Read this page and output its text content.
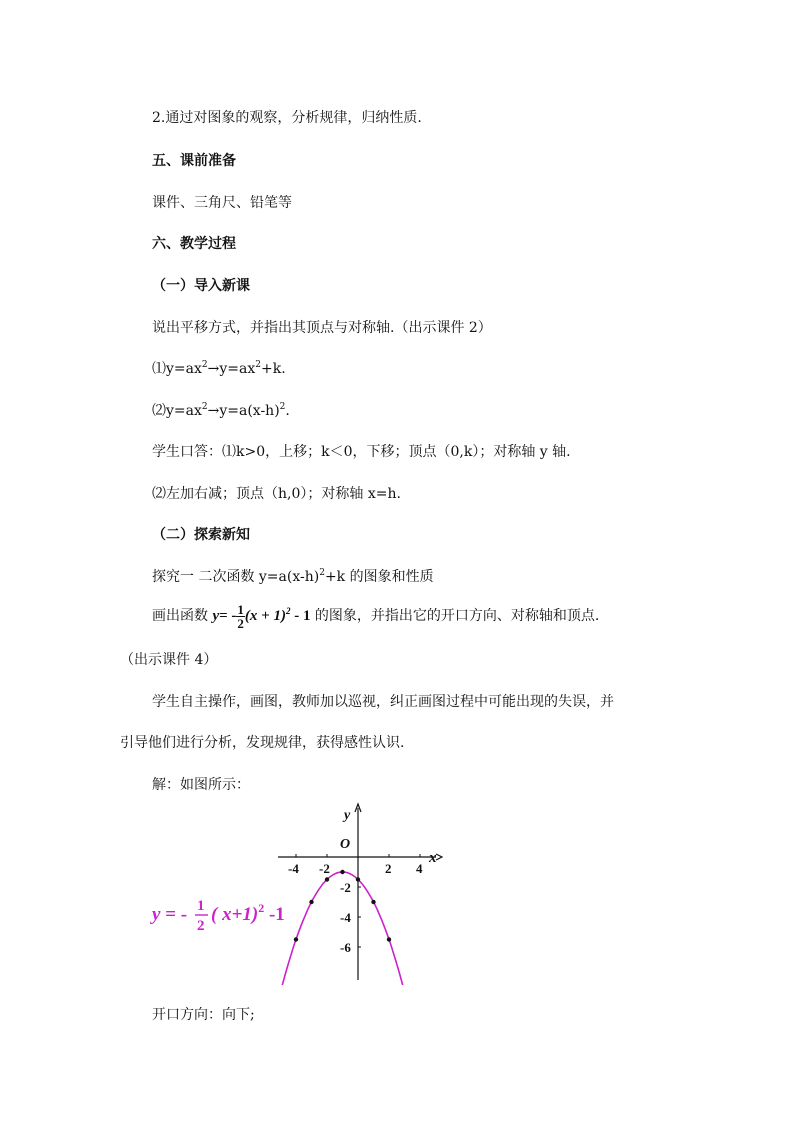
2.通过对图象的观察，分析规律，归纳性质.
五、课前准备
课件、三角尺、铅笔等
六、教学过程
（一）导入新课
说出平移方式，并指出其顶点与对称轴.（出示课件 2）
$⑴y=ax^2\to y=ax^2+k$.
$⑵y=ax^2\to y=a(x-h)^2$.
学生口答：⑴k>0，上移；k＜0，下移；顶点（0,k）；对称轴 y 轴.
⑵左加右减；顶点（h,0）；对称轴 x=h.
（二）探索新知
探究一 二次函数 $y=a(x-h)^2+k$ 的图象和性质
画出函数 $y= - \frac{1}{2} (x + 1)^2 - 1$ 的图象，并指出它的开口方向、对称轴和顶点.
（出示课件 4）
学生自主操作，画图，教师加以巡视，纠正画图过程中可能出现的失误，并
引导他们进行分析，发现规律，获得感性认识.
解：如图所示：
x
y
O
-4 -2	2 4
-2
-4
-6
y = - 1
2
( x+1)$^2$ -1
开口方向：向下;
